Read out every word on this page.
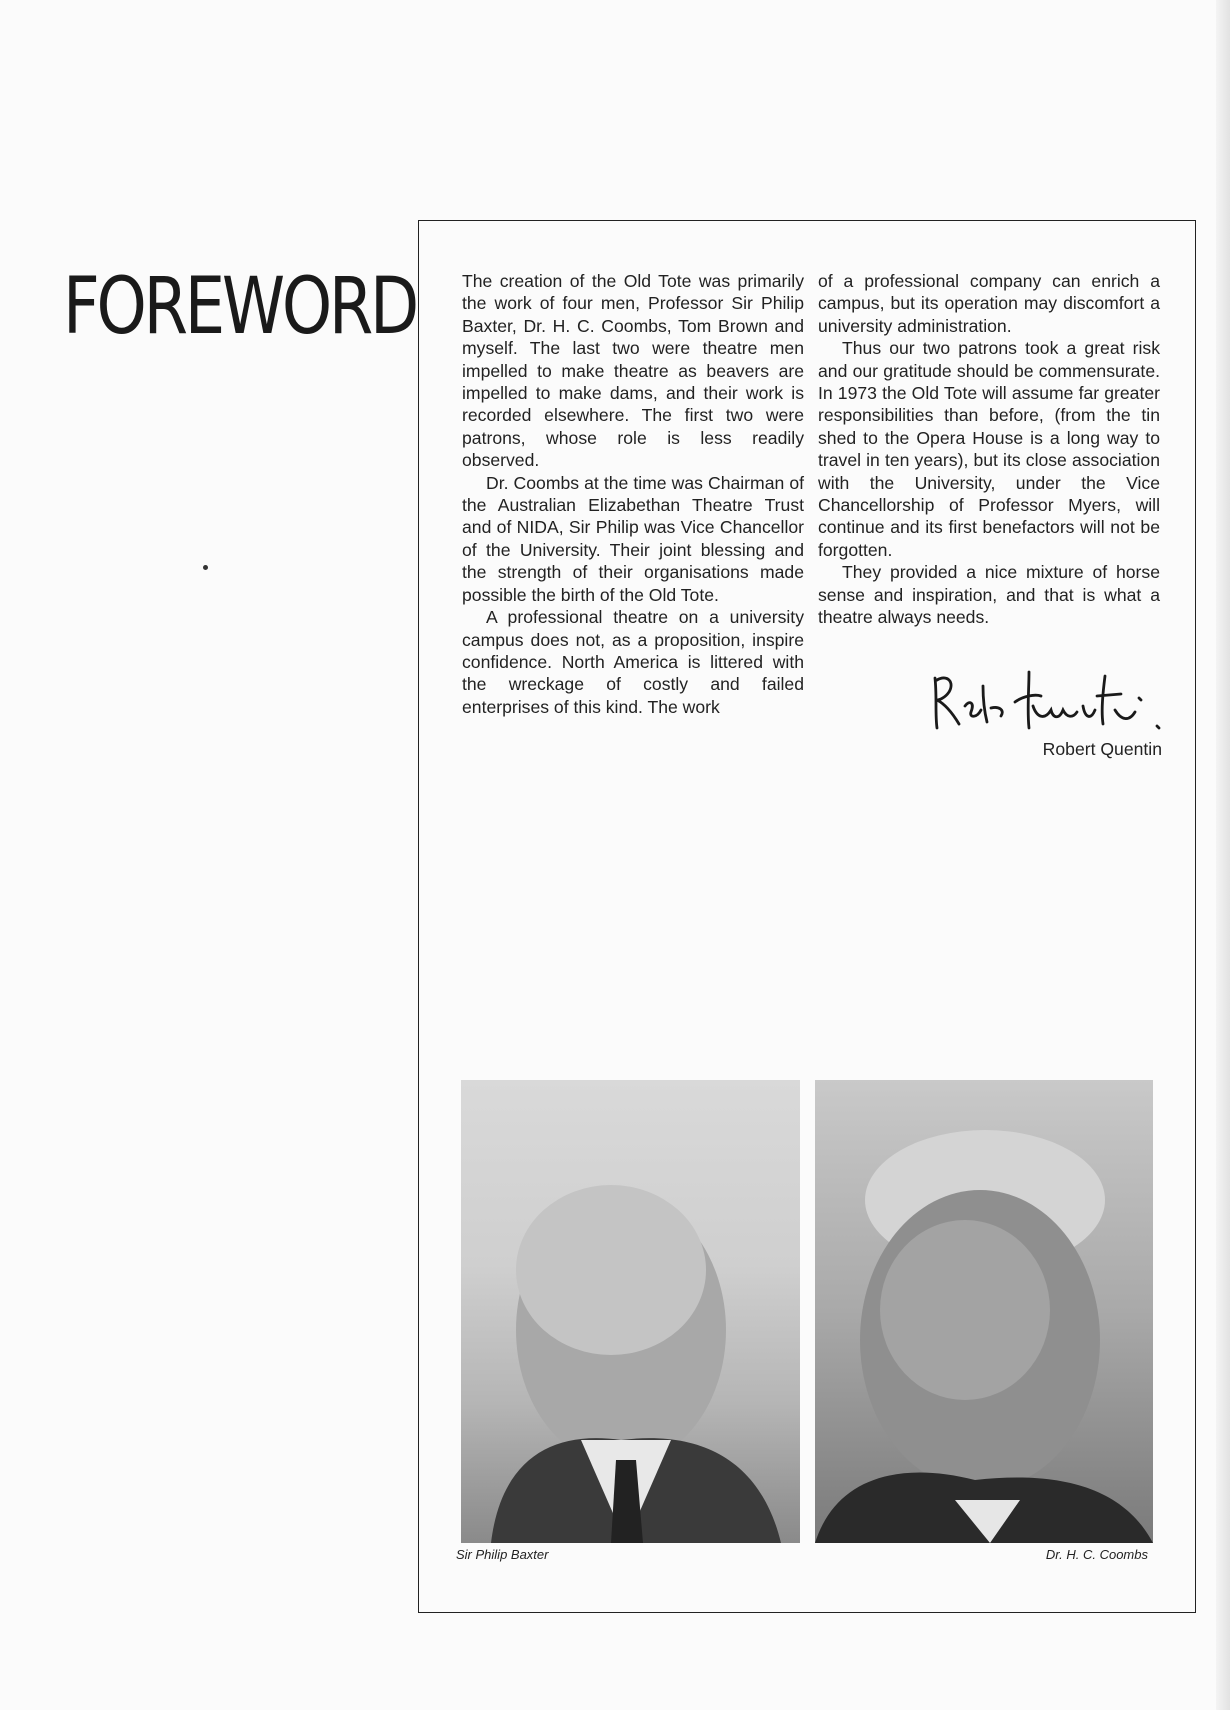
FOREWORD	The creation of the Old Tote was primarily the work of four men, Professor Sir Philip Baxter, Dr. H. C. Coombs, Tom Brown and myself. The last two were theatre men impelled to make theatre as beavers are impelled to make dams, and their work is recorded elsewhere. The first two were patrons, whose role is less readily observed.

Dr. Coombs at the time was Chairman of the Australian Elizabethan Theatre Trust and of NIDA, Sir Philip was Vice Chancellor of the University. Their joint blessing and the strength of their organisations made possible the birth of the Old Tote.

A professional theatre on a university campus does not, as a proposition, inspire confidence. North America is littered with the wreckage of costly and failed enterprises of this kind. The work

of a professional company can enrich a campus, but its operation may discomfort a university administration.

Thus our two patrons took a great risk and our gratitude should be commensurate. In 1973 the Old Tote will assume far greater responsibilities than before, (from the tin shed to the Opera House is a long way to travel in ten years), but its close association with the University, under the Vice Chancellorship of Professor Myers, will continue and its first benefactors will not be forgotten.

They provided a nice mixture of horse sense and inspiration, and that is what a theatre always needs.

Robert Quentin
Sir Philip Baxter	Dr. H. C. Coombs
